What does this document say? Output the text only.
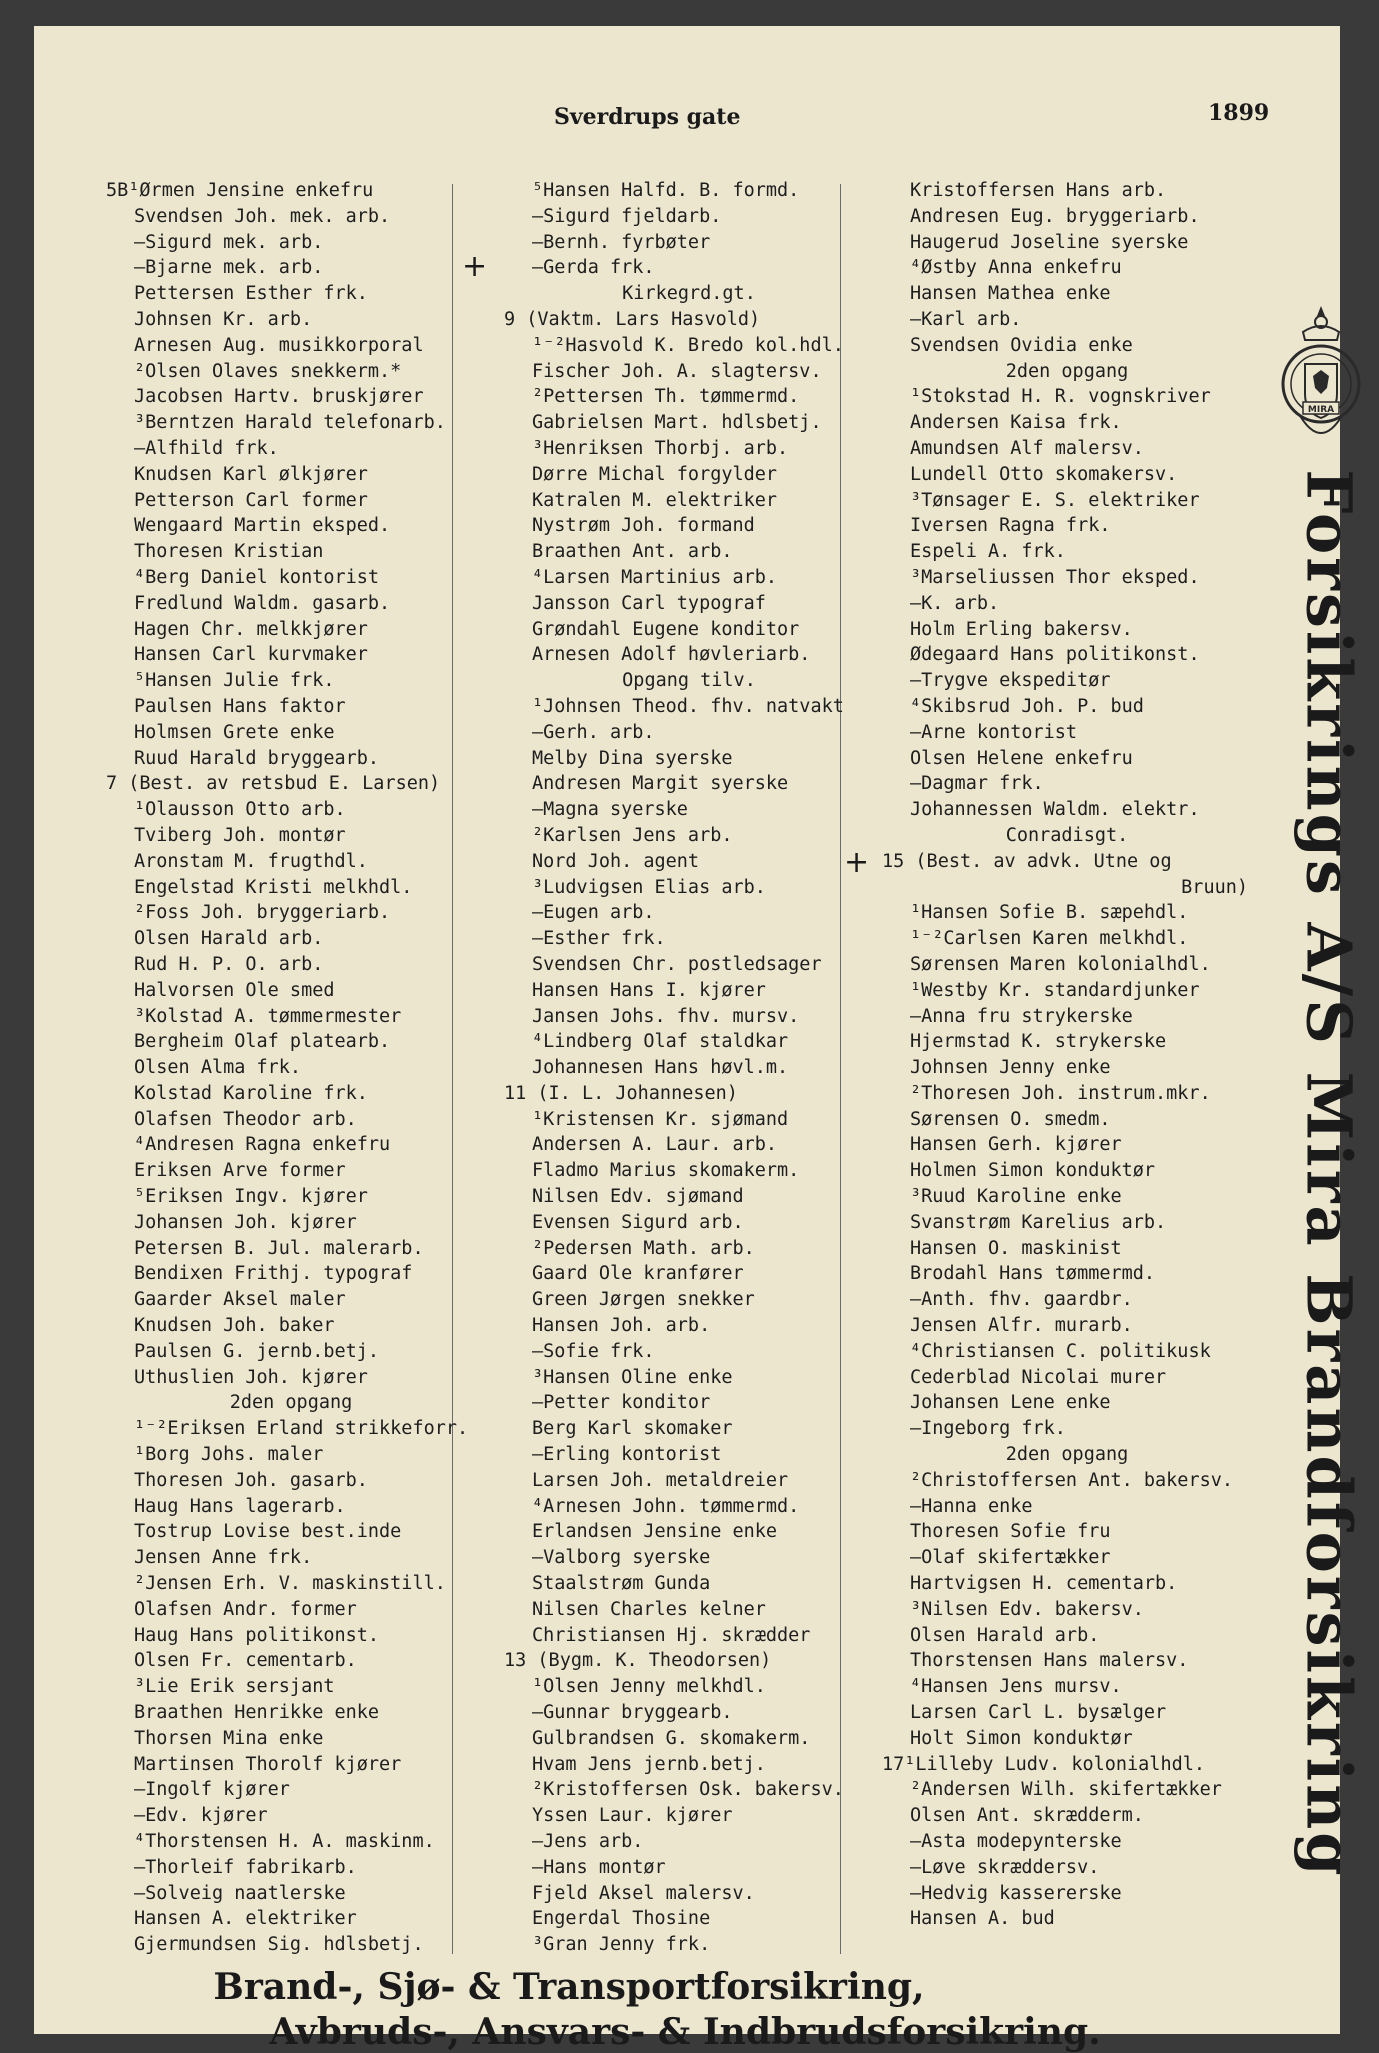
Sverdrups gate	1899
+
+
5B¹Ørmen Jensine enkefru
Svendsen Joh. mek. arb.
—Sigurd mek. arb.
—Bjarne mek. arb.
Pettersen Esther frk.
Johnsen Kr. arb.
Arnesen Aug. musikkorporal
²Olsen Olaves snekkerm.*
Jacobsen Hartv. bruskjører
³Berntzen Harald telefonarb.
—Alfhild frk.
Knudsen Karl ølkjører
Petterson Carl former
Wengaard Martin eksped.
Thoresen Kristian
⁴Berg Daniel kontorist
Fredlund Waldm. gasarb.
Hagen Chr. melkkjører
Hansen Carl kurvmaker
⁵Hansen Julie frk.
Paulsen Hans faktor
Holmsen Grete enke
Ruud Harald bryggearb.
7 (Best. av retsbud E. Larsen)
¹Olausson Otto arb.
Tviberg Joh. montør
Aronstam M. frugthdl.
Engelstad Kristi melkhdl.
²Foss Joh. bryggeriarb.
Olsen Harald arb.
Rud H. P. O. arb.
Halvorsen Ole smed
³Kolstad A. tømmermester
Bergheim Olaf platearb.
Olsen Alma frk.
Kolstad Karoline frk.
Olafsen Theodor arb.
⁴Andresen Ragna enkefru
Eriksen Arve former
⁵Eriksen Ingv. kjører
Johansen Joh. kjører
Petersen B. Jul. malerarb.
Bendixen Frithj. typograf
Gaarder Aksel maler
Knudsen Joh. baker
Paulsen G. jernb.betj.
Uthuslien Joh. kjører
2den opgang
¹⁻²Eriksen Erland strikkeforr.
¹Borg Johs. maler
Thoresen Joh. gasarb.
Haug Hans lagerarb.
Tostrup Lovise best.inde
Jensen Anne frk.
²Jensen Erh. V. maskinstill.
Olafsen Andr. former
Haug Hans politikonst.
Olsen Fr. cementarb.
³Lie Erik sersjant
Braathen Henrikke enke
Thorsen Mina enke
Martinsen Thorolf kjører
—Ingolf kjører
—Edv. kjører
⁴Thorstensen H. A. maskinm.
—Thorleif fabrikarb.
—Solveig naatlerske
Hansen A. elektriker
Gjermundsen Sig. hdlsbetj.
⁵Hansen Halfd. B. formd.
—Sigurd fjeldarb.
—Bernh. fyrbøter
—Gerda frk.
Kirkegrd.gt.
9 (Vaktm. Lars Hasvold)
¹⁻²Hasvold K. Bredo kol.hdl.
Fischer Joh. A. slagtersv.
²Pettersen Th. tømmermd.
Gabrielsen Mart. hdlsbetj.
³Henriksen Thorbj. arb.
Dørre Michal forgylder
Katralen M. elektriker
Nystrøm Joh. formand
Braathen Ant. arb.
⁴Larsen Martinius arb.
Jansson Carl typograf
Grøndahl Eugene konditor
Arnesen Adolf høvleriarb.
Opgang tilv.
¹Johnsen Theod. fhv. natvakt
—Gerh. arb.
Melby Dina syerske
Andresen Margit syerske
—Magna syerske
²Karlsen Jens arb.
Nord Joh. agent
³Ludvigsen Elias arb.
—Eugen arb.
—Esther frk.
Svendsen Chr. postledsager
Hansen Hans I. kjører
Jansen Johs. fhv. mursv.
⁴Lindberg Olaf staldkar
Johannesen Hans høvl.m.
11 (I. L. Johannesen)
¹Kristensen Kr. sjømand
Andersen A. Laur. arb.
Fladmo Marius skomakerm.
Nilsen Edv. sjømand
Evensen Sigurd arb.
²Pedersen Math. arb.
Gaard Ole kranfører
Green Jørgen snekker
Hansen Joh. arb.
—Sofie frk.
³Hansen Oline enke
—Petter konditor
Berg Karl skomaker
—Erling kontorist
Larsen Joh. metaldreier
⁴Arnesen John. tømmermd.
Erlandsen Jensine enke
—Valborg syerske
Staalstrøm Gunda
Nilsen Charles kelner
Christiansen Hj. skrædder
13 (Bygm. K. Theodorsen)
¹Olsen Jenny melkhdl.
—Gunnar bryggearb.
Gulbrandsen G. skomakerm.
Hvam Jens jernb.betj.
²Kristoffersen Osk. bakersv.
Yssen Laur. kjører
—Jens arb.
—Hans montør
Fjeld Aksel malersv.
Engerdal Thosine
³Gran Jenny frk.
Kristoffersen Hans arb.
Andresen Eug. bryggeriarb.
Haugerud Joseline syerske
⁴Østby Anna enkefru
Hansen Mathea enke
—Karl arb.
Svendsen Ovidia enke
2den opgang
¹Stokstad H. R. vognskriver
Andersen Kaisa frk.
Amundsen Alf malersv.
Lundell Otto skomakersv.
³Tønsager E. S. elektriker
Iversen Ragna frk.
Espeli A. frk.
³Marseliussen Thor eksped.
—K. arb.
Holm Erling bakersv.
Ødegaard Hans politikonst.
—Trygve ekspeditør
⁴Skibsrud Joh. P. bud
—Arne kontorist
Olsen Helene enkefru
—Dagmar frk.
Johannessen Waldm. elektr.
Conradisgt.
15 (Best. av advk. Utne og
Bruun)
¹Hansen Sofie B. sæpehdl.
¹⁻²Carlsen Karen melkhdl.
Sørensen Maren kolonialhdl.
¹Westby Kr. standardjunker
—Anna fru strykerske
Hjermstad K. strykerske
Johnsen Jenny enke
²Thoresen Joh. instrum.mkr.
Sørensen O. smedm.
Hansen Gerh. kjører
Holmen Simon konduktør
³Ruud Karoline enke
Svanstrøm Karelius arb.
Hansen O. maskinist
Brodahl Hans tømmermd.
—Anth. fhv. gaardbr.
Jensen Alfr. murarb.
⁴Christiansen C. politikusk
Cederblad Nicolai murer
Johansen Lene enke
—Ingeborg frk.
2den opgang
²Christoffersen Ant. bakersv.
—Hanna enke
Thoresen Sofie fru
—Olaf skifertækker
Hartvigsen H. cementarb.
³Nilsen Edv. bakersv.
Olsen Harald arb.
Thorstensen Hans malersv.
⁴Hansen Jens mursv.
Larsen Carl L. bysælger
Holt Simon konduktør
17¹Lilleby Ludv. kolonialhdl.
²Andersen Wilh. skifertækker
Olsen Ant. skrædderm.
—Asta modepynterske
—Løve skræddersv.
—Hedvig kassererske
Hansen A. bud
MIRA
Forsikrings A/S Mira Brandforsikring
Brand-, Sjø- & Transportforsikring,
Avbruds-, Ansvars- & Indbrudsforsikring.
